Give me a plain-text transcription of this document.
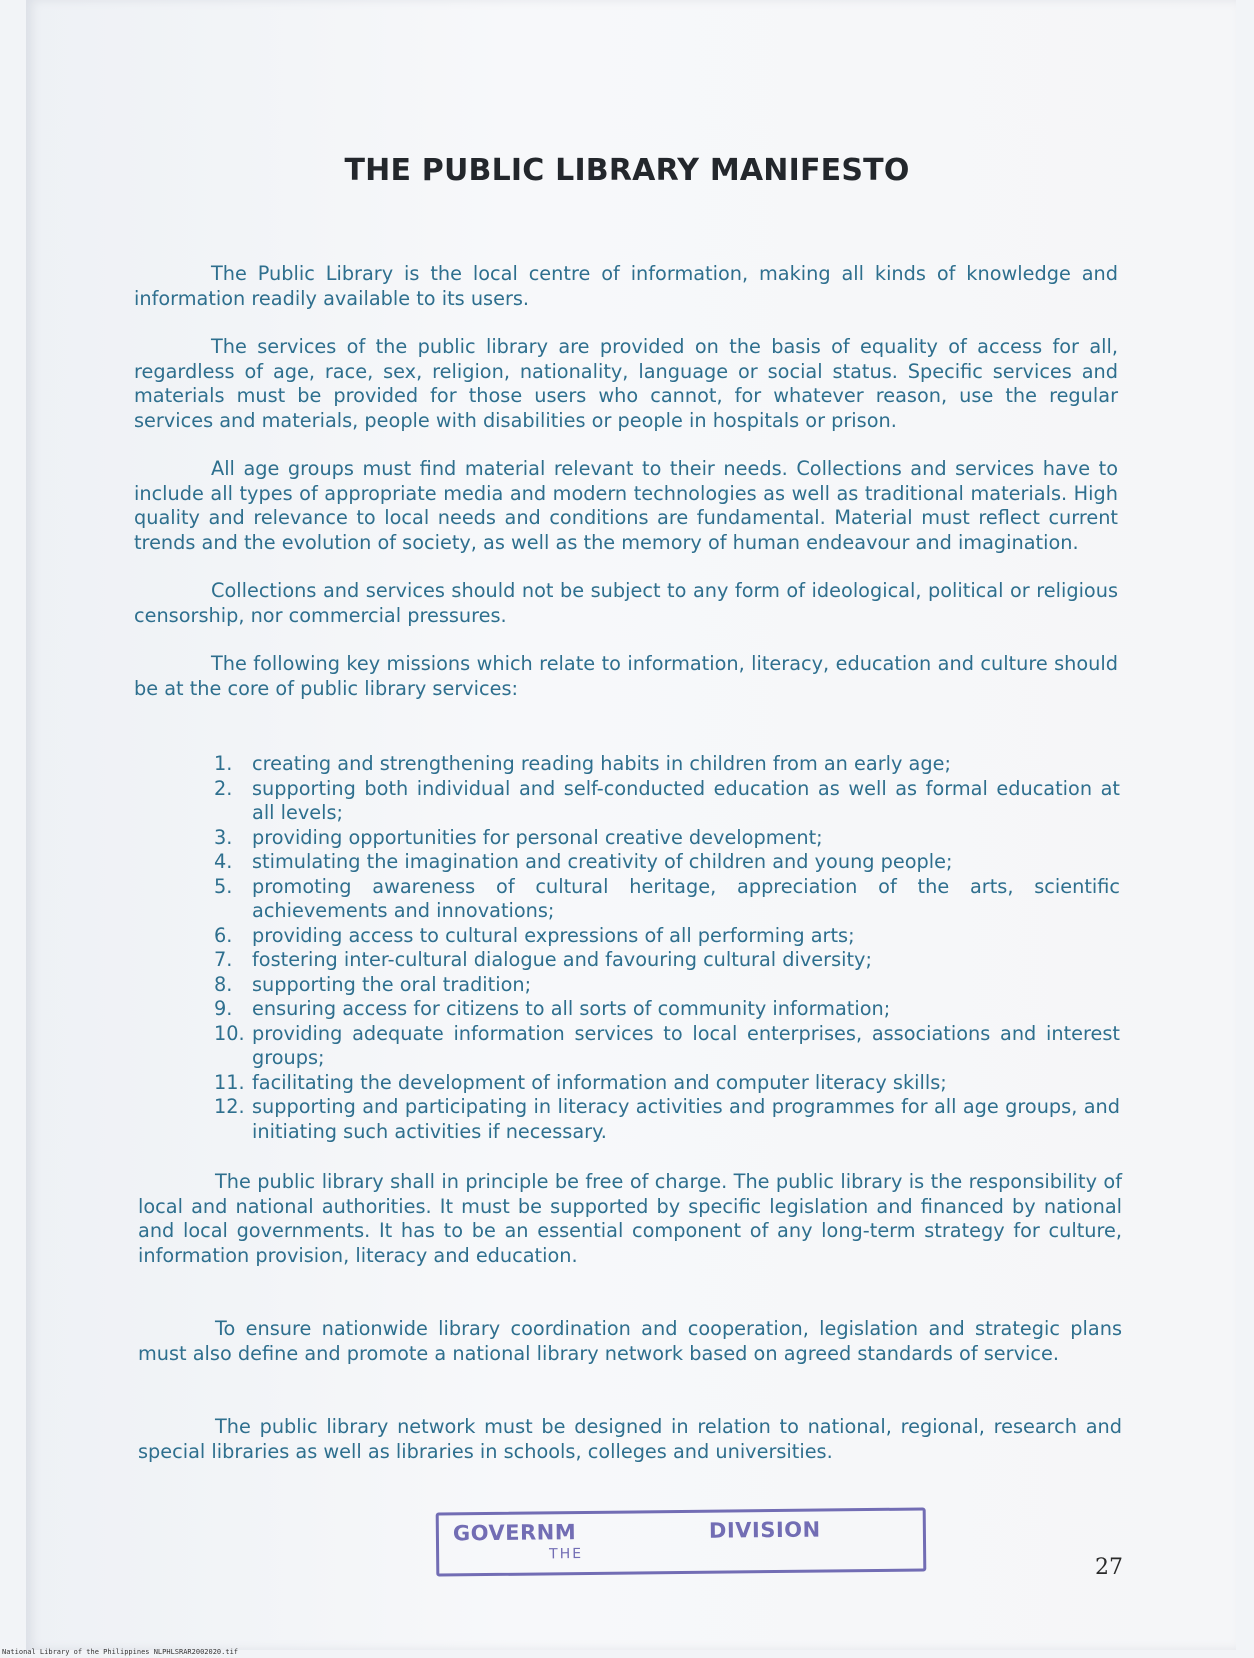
THE PUBLIC LIBRARY MANIFESTO

The Public Library is the local centre of information, making all kinds of knowledge and information readily available to its users.

The services of the public library are provided on the basis of equality of access for all, regardless of age, race, sex, religion, nationality, language or social status. Specific services and materials must be provided for those users who cannot, for whatever reason, use the regular services and materials, people with disabilities or people in hospitals or prison.

All age groups must find material relevant to their needs. Collections and services have to include all types of appropriate media and modern technologies as well as traditional materials. High quality and relevance to local needs and conditions are fundamental. Material must reflect current trends and the evolution of society, as well as the memory of human endeavour and imagination.

Collections and services should not be subject to any form of ideological, political or religious censorship, nor commercial pressures.

The following key missions which relate to information, literacy, education and culture should be at the core of public library services:

1. creating and strengthening reading habits in children from an early age;
2. supporting both individual and self-conducted education as well as formal education at all levels;
3. providing opportunities for personal creative development;
4. stimulating the imagination and creativity of children and young people;
5. promoting awareness of cultural heritage, appreciation of the arts, scientific achievements and innovations;
6. providing access to cultural expressions of all performing arts;
7. fostering inter-cultural dialogue and favouring cultural diversity;
8. supporting the oral tradition;
9. ensuring access for citizens to all sorts of community information;
10. providing adequate information services to local enterprises, associations and interest groups;
11. facilitating the development of information and computer literacy skills;
12. supporting and participating in literacy activities and programmes for all age groups, and initiating such activities if necessary.

The public library shall in principle be free of charge. The public library is the responsibility of local and national authorities. It must be supported by specific legislation and financed by national and local governments. It has to be an essential component of any long-term strategy for culture, information provision, literacy and education.

To ensure nationwide library coordination and cooperation, legislation and strategic plans must also define and promote a national library network based on agreed standards of service.

The public library network must be designed in relation to national, regional, research and special libraries as well as libraries in schools, colleges and universities.

GOVERNM                 DIVISION
THE
27
National Library of the Philippines NLPHLSRAR2002020.tif
